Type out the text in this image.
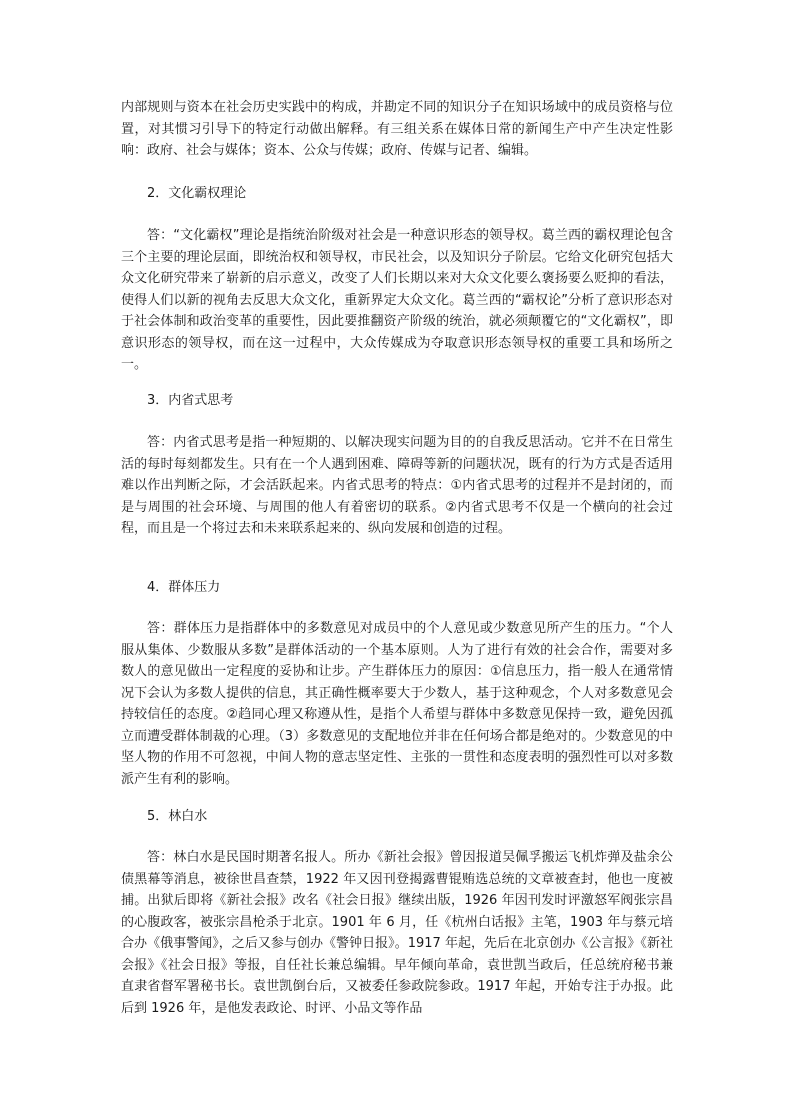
内部规则与资本在社会历史实践中的构成，并勘定不同的知识分子在知识场域中的成员资格与位置，对其惯习引导下的特定行动做出解释。有三组关系在媒体日常的新闻生产中产生决定性影响：政府、社会与媒体；资本、公众与传媒；政府、传媒与记者、编辑。

2．文化霸权理论

答：“文化霸权”理论是指统治阶级对社会是一种意识形态的领导权。葛兰西的霸权理论包含三个主要的理论层面，即统治权和领导权，市民社会，以及知识分子阶层。它给文化研究包括大众文化研究带来了崭新的启示意义，改变了人们长期以来对大众文化要么褒扬要么贬抑的看法，使得人们以新的视角去反思大众文化，重新界定大众文化。葛兰西的“霸权论”分析了意识形态对于社会体制和政治变革的重要性，因此要推翻资产阶级的统治，就必须颠覆它的“文化霸权”，即意识形态的领导权，而在这一过程中，大众传媒成为夺取意识形态领导权的重要工具和场所之一。

3．内省式思考

答：内省式思考是指一种短期的、以解决现实问题为目的的自我反思活动。它并不在日常生活的每时每刻都发生。只有在一个人遇到困难、障碍等新的问题状况，既有的行为方式是否适用难以作出判断之际，才会活跃起来。内省式思考的特点：①内省式思考的过程并不是封闭的，而是与周围的社会环境、与周围的他人有着密切的联系。②内省式思考不仅是一个横向的社会过程，而且是一个将过去和未来联系起来的、纵向发展和创造的过程。

4．群体压力

答：群体压力是指群体中的多数意见对成员中的个人意见或少数意见所产生的压力。“个人服从集体、少数服从多数”是群体活动的一个基本原则。人为了进行有效的社会合作，需要对多数人的意见做出一定程度的妥协和让步。产生群体压力的原因：①信息压力，指一般人在通常情况下会认为多数人提供的信息，其正确性概率要大于少数人，基于这种观念，个人对多数意见会持较信任的态度。②趋同心理又称遵从性，是指个人希望与群体中多数意见保持一致，避免因孤立而遭受群体制裁的心理。（3）多数意见的支配地位并非在任何场合都是绝对的。少数意见的中坚人物的作用不可忽视，中间人物的意志坚定性、主张的一贯性和态度表明的强烈性可以对多数派产生有利的影响。

5．林白水

答：林白水是民国时期著名报人。所办《新社会报》曾因报道吴佩孚搬运飞机炸弹及盐余公债黑幕等消息，被徐世昌查禁，1922 年又因刊登揭露曹锟贿选总统的文章被查封，他也一度被捕。出狱后即将《新社会报》改名《社会日报》继续出版，1926 年因刊发时评激怒军阀张宗昌的心腹政客，被张宗昌枪杀于北京。1901 年 6 月，任《杭州白话报》主笔，1903 年与蔡元培合办《俄事警闻》，之后又参与创办《警钟日报》。1917 年起，先后在北京创办《公言报》《新社会报》《社会日报》等报，自任社长兼总编辑。早年倾向革命，袁世凯当政后，任总统府秘书兼直隶省督军署秘书长。袁世凯倒台后，又被委任参政院参政。1917 年起，开始专注于办报。此后到 1926 年，是他发表政论、时评、小品文等作品
